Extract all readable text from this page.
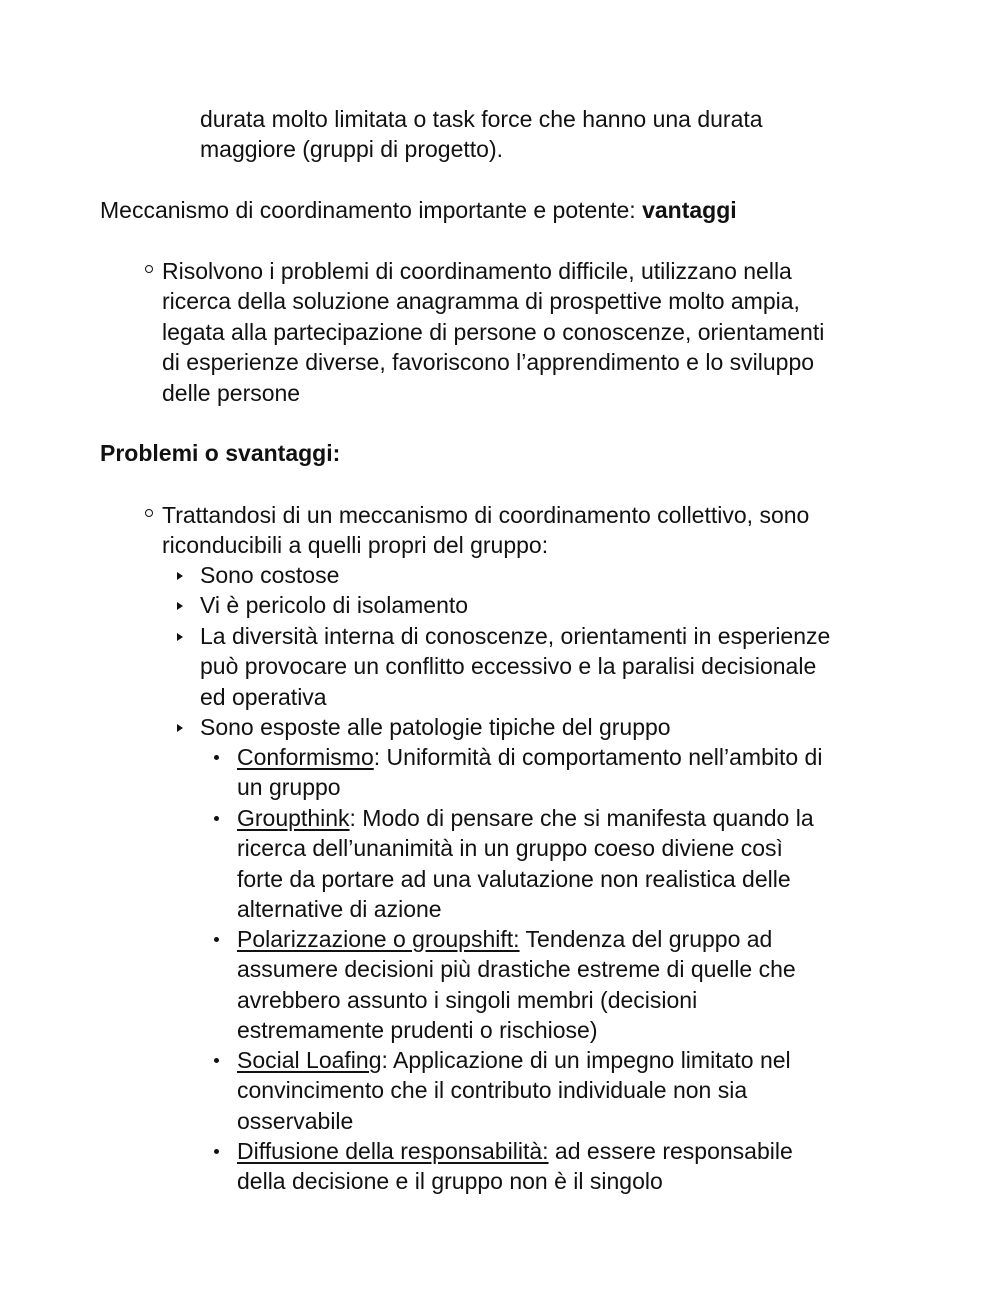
durata molto limitata o task force che hanno una durata
maggiore (gruppi di progetto).
Meccanismo di coordinamento importante e potente: vantaggi
Risolvono i problemi di coordinamento difficile, utilizzano nella
ricerca della soluzione anagramma di prospettive molto ampia,
legata alla partecipazione di persone o conoscenze, orientamenti
di esperienze diverse, favoriscono l’apprendimento e lo sviluppo
delle persone
Problemi o svantaggi:
Trattandosi di un meccanismo di coordinamento collettivo, sono
riconducibili a quelli propri del gruppo:
Sono costose
Vi è pericolo di isolamento
La diversità interna di conoscenze, orientamenti in esperienze
può provocare un conflitto eccessivo e la paralisi decisionale
ed operativa
Sono esposte alle patologie tipiche del gruppo
Conformismo: Uniformità di comportamento nell’ambito di
un gruppo
Groupthink: Modo di pensare che si manifesta quando la
ricerca dell’unanimità in un gruppo coeso diviene così
forte da portare ad una valutazione non realistica delle
alternative di azione
Polarizzazione o groupshift: Tendenza del gruppo ad
assumere decisioni più drastiche estreme di quelle che
avrebbero assunto i singoli membri (decisioni
estremamente prudenti o rischiose)
Social Loafing: Applicazione di un impegno limitato nel
convincimento che il contributo individuale non sia
osservabile
Diffusione della responsabilità: ad essere responsabile
della decisione e il gruppo non è il singolo
